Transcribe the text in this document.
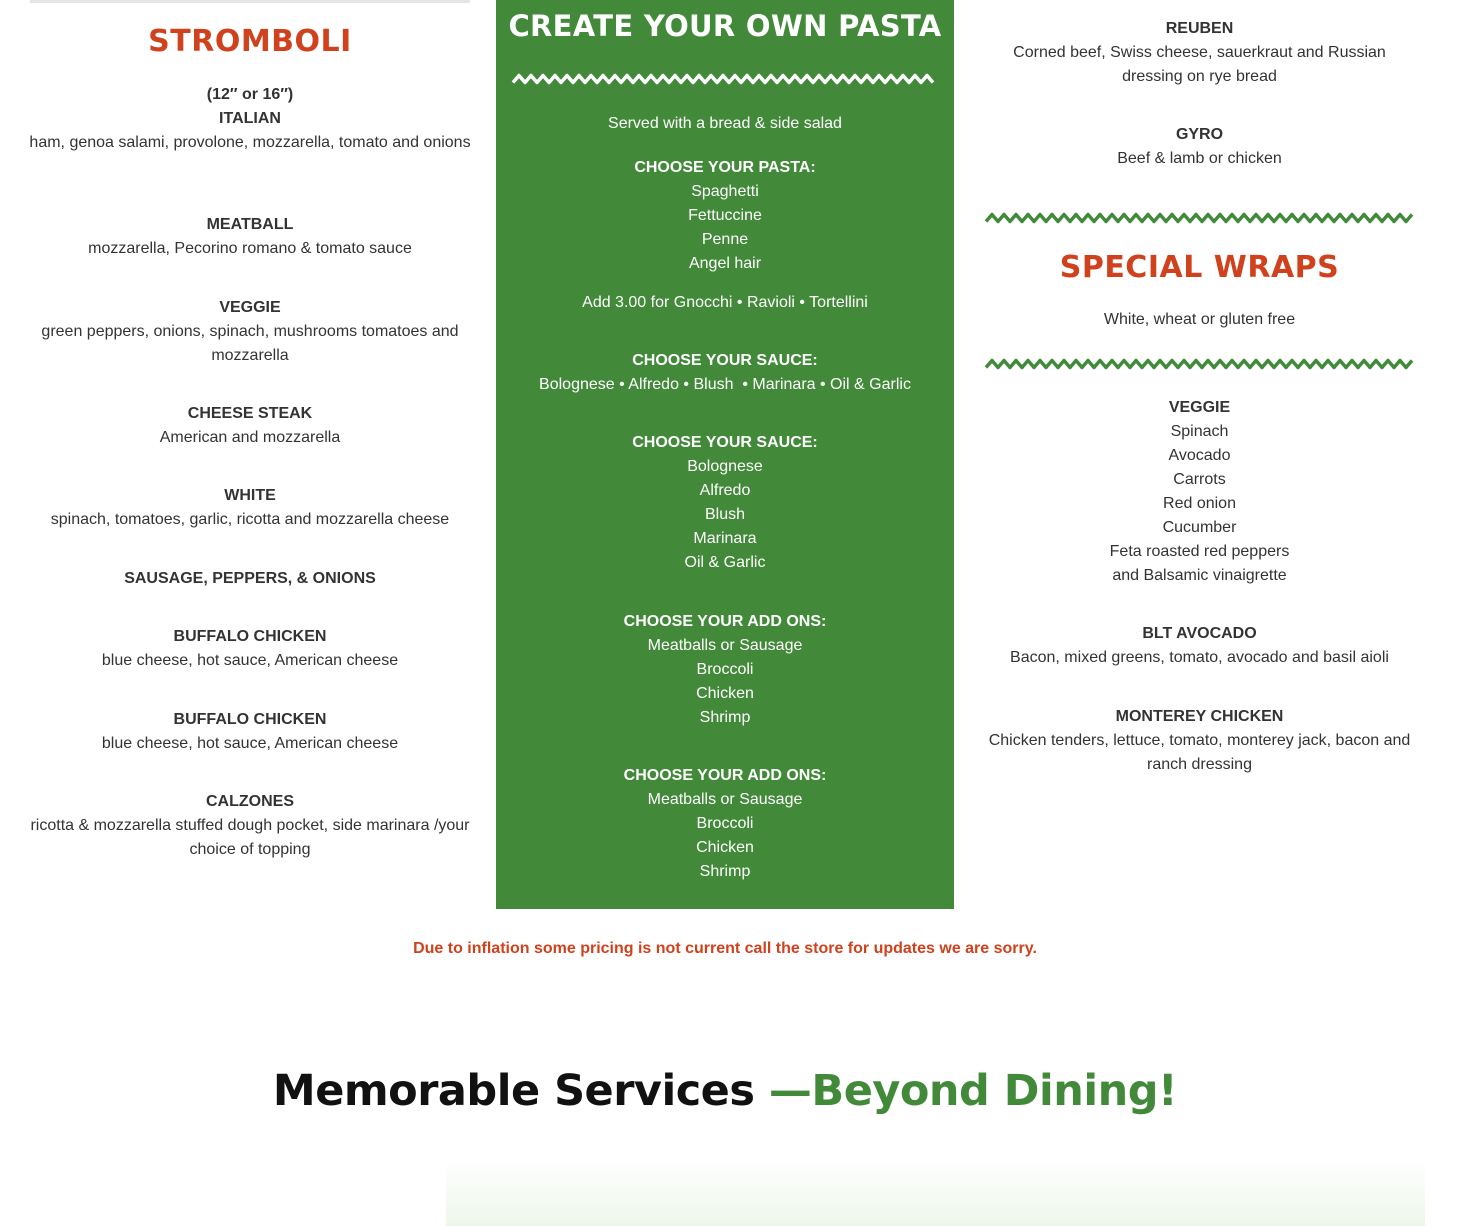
STROMBOLI
(12″ or 16″)
ITALIAN
ham, genoa salami, provolone, mozzarella, tomato and onions
MEATBALL
mozzarella, Pecorino romano & tomato sauce
VEGGIE
green peppers, onions, spinach, mushrooms tomatoes and mozzarella
CHEESE STEAK
American and mozzarella
WHITE
spinach, tomatoes, garlic, ricotta and mozzarella cheese
SAUSAGE, PEPPERS, & ONIONS
BUFFALO CHICKEN
blue cheese, hot sauce, American cheese
BUFFALO CHICKEN
blue cheese, hot sauce, American cheese
CALZONES
ricotta & mozzarella stuffed dough pocket, side marinara /your choice of topping
CREATE YOUR OWN PASTA
Served with a bread & side salad
CHOOSE YOUR PASTA:
Spaghetti
Fettuccine
Penne
Angel hair
Add 3.00 for Gnocchi • Ravioli • Tortellini
CHOOSE YOUR SAUCE:
Bolognese • Alfredo • Blush  • Marinara • Oil & Garlic
CHOOSE YOUR SAUCE:
Bolognese
Alfredo
Blush
Marinara
Oil & Garlic
CHOOSE YOUR ADD ONS:
Meatballs or Sausage
Broccoli
Chicken
Shrimp
CHOOSE YOUR ADD ONS:
Meatballs or Sausage
Broccoli
Chicken
Shrimp
REUBEN
Corned beef, Swiss cheese, sauerkraut and Russian dressing on rye bread
GYRO
Beef & lamb or chicken
SPECIAL WRAPS
White, wheat or gluten free
VEGGIE
Spinach
Avocado
Carrots
Red onion
Cucumber
Feta roasted red peppers
and Balsamic vinaigrette
BLT AVOCADO
Bacon, mixed greens, tomato, avocado and basil aioli
MONTEREY CHICKEN
Chicken tenders, lettuce, tomato, monterey jack, bacon and ranch dressing
Due to inflation some pricing is not current call the store for updates we are sorry.
Memorable Services —Beyond Dining!
